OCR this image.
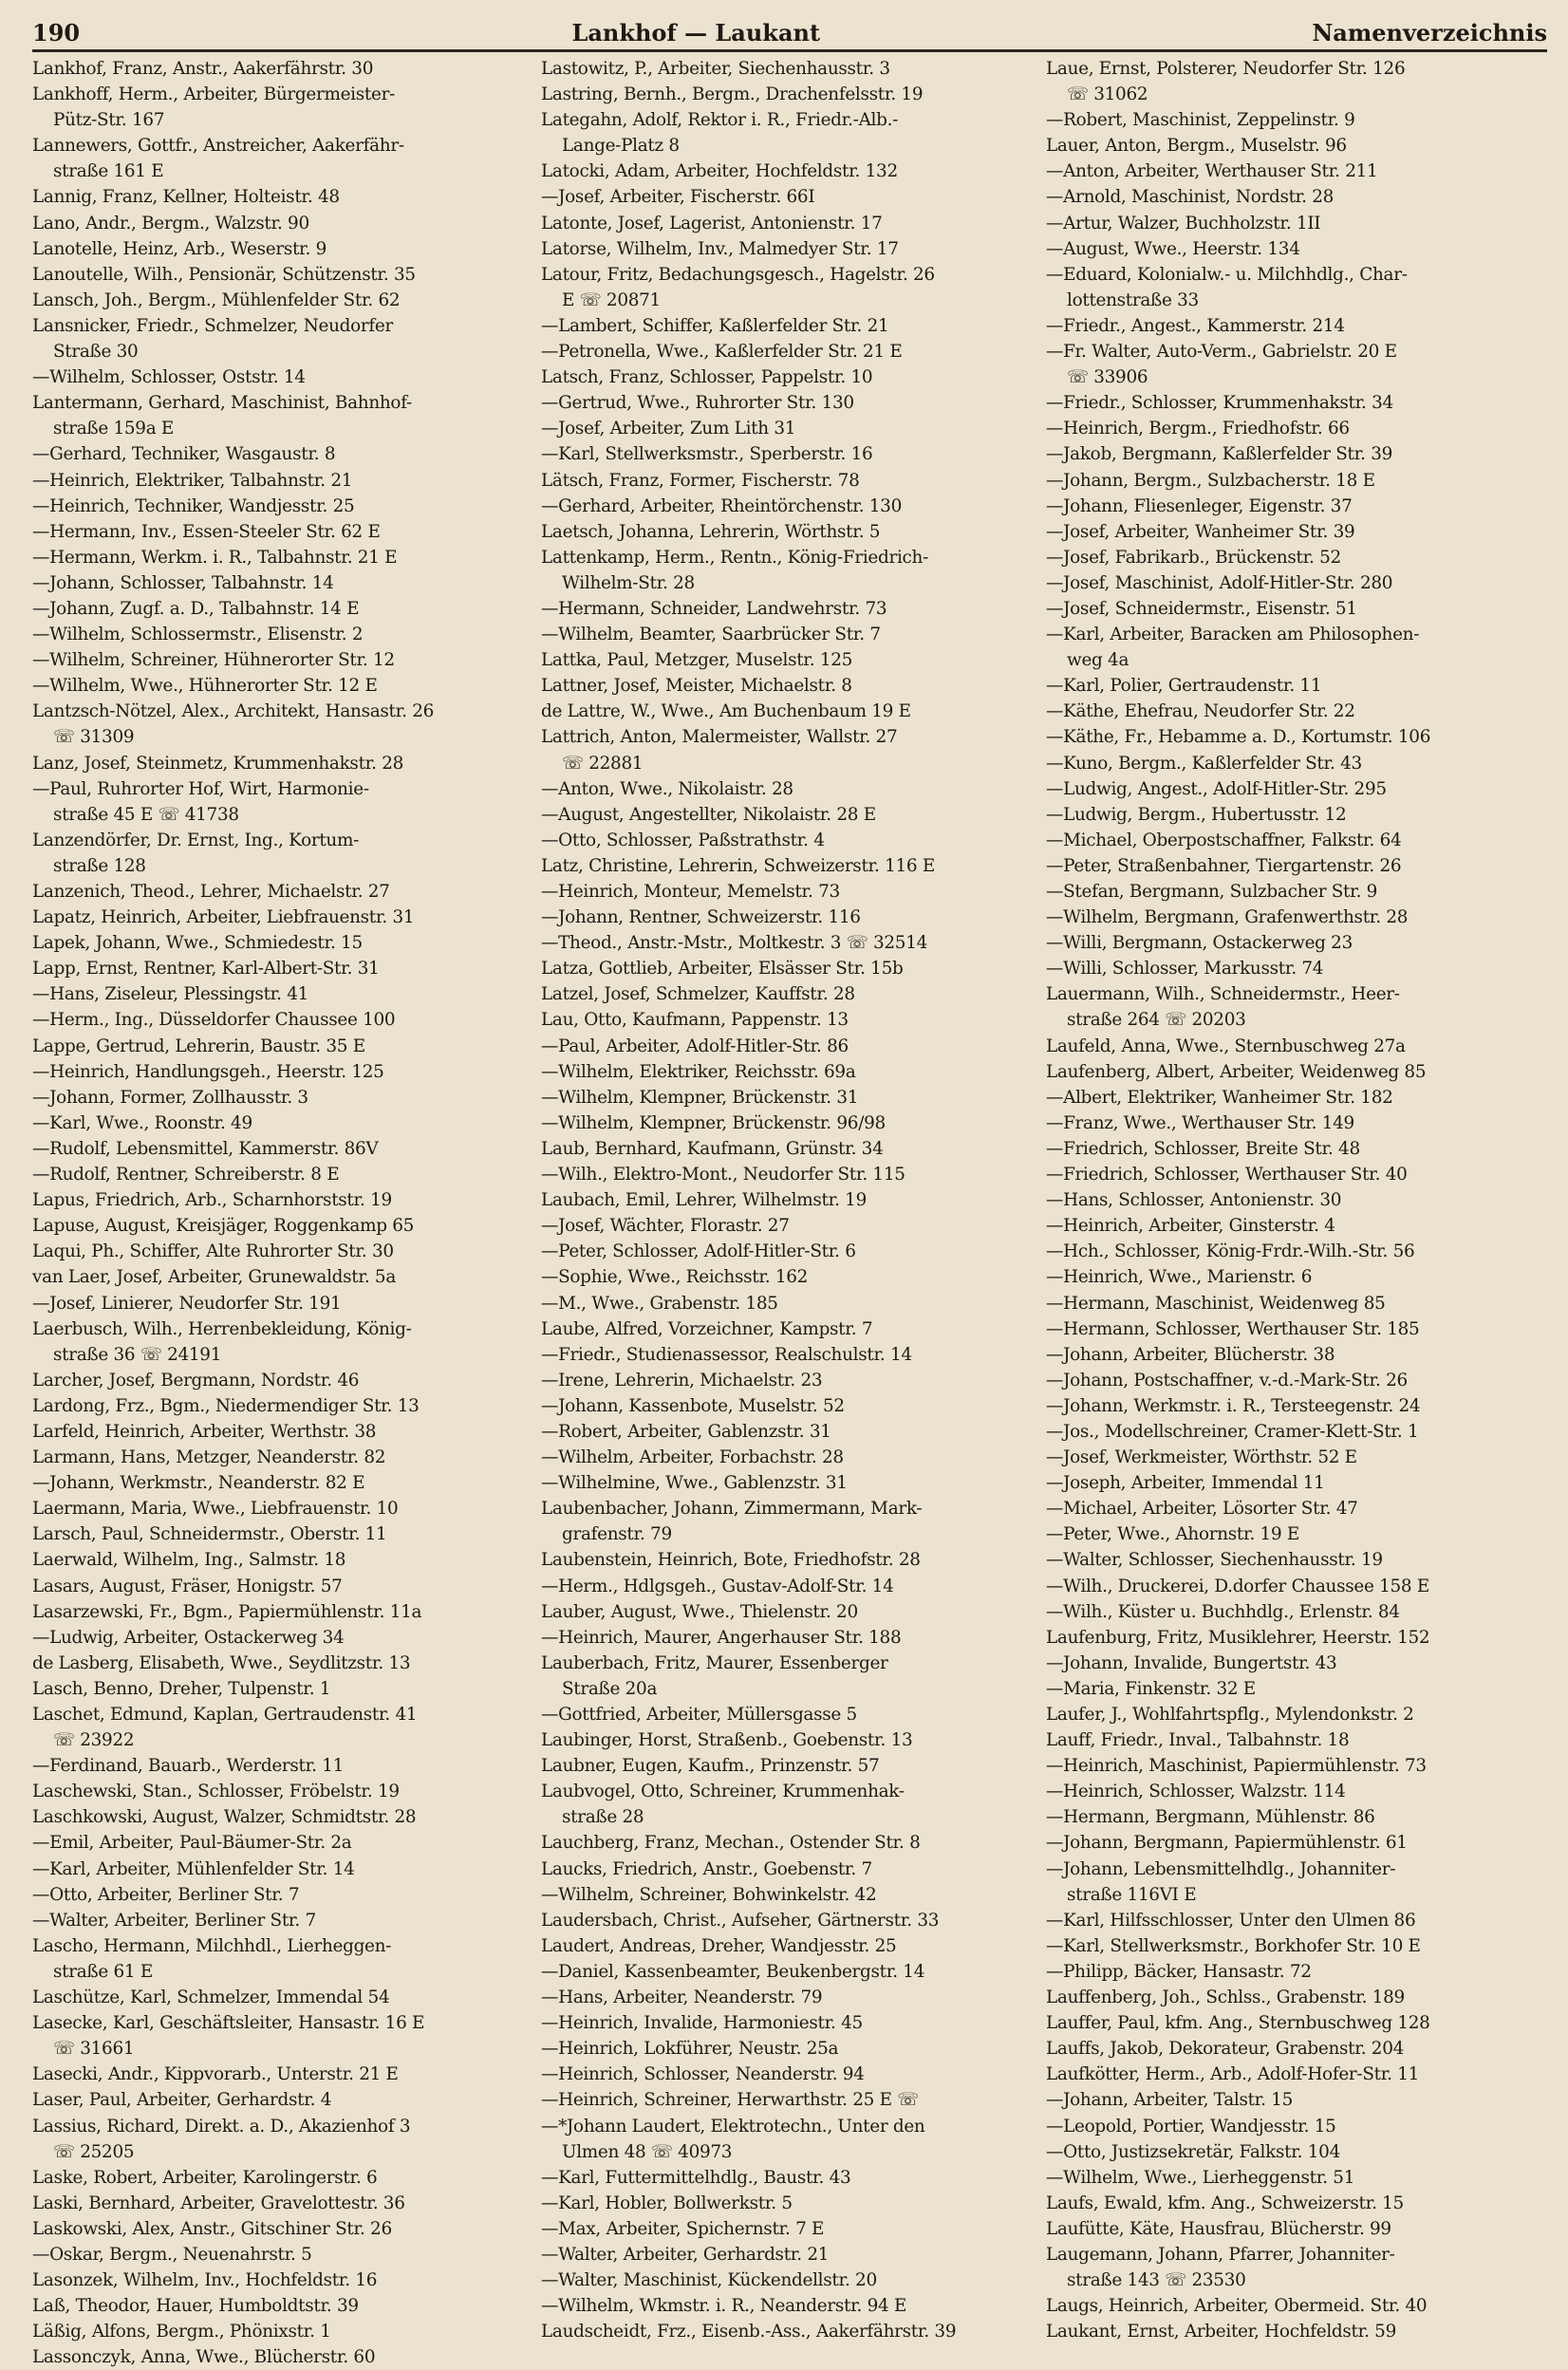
190	Lankhof — Laukant	Namenverzeichnis
Lankhof, Franz, Anstr., Aakerfährstr. 30
Lankhoff, Herm., Arbeiter, Bürgermeister-
Pütz-Str. 167
Lannewers, Gottfr., Anstreicher, Aakerfähr-
straße 161 E
Lannig, Franz, Kellner, Holteistr. 48
Lano, Andr., Bergm., Walzstr. 90
Lanotelle, Heinz, Arb., Weserstr. 9
Lanoutelle, Wilh., Pensionär, Schützenstr. 35
Lansch, Joh., Bergm., Mühlenfelder Str. 62
Lansnicker, Friedr., Schmelzer, Neudorfer
Straße 30
—Wilhelm, Schlosser, Oststr. 14
Lantermann, Gerhard, Maschinist, Bahnhof-
straße 159a E
—Gerhard, Techniker, Wasgaustr. 8
—Heinrich, Elektriker, Talbahnstr. 21
—Heinrich, Techniker, Wandjesstr. 25
—Hermann, Inv., Essen-Steeler Str. 62 E
—Hermann, Werkm. i. R., Talbahnstr. 21 E
—Johann, Schlosser, Talbahnstr. 14
—Johann, Zugf. a. D., Talbahnstr. 14 E
—Wilhelm, Schlossermstr., Elisenstr. 2
—Wilhelm, Schreiner, Hühnerorter Str. 12
—Wilhelm, Wwe., Hühnerorter Str. 12 E
Lantzsch-Nötzel, Alex., Architekt, Hansastr. 26
☏ 31309
Lanz, Josef, Steinmetz, Krummenhakstr. 28
—Paul, Ruhrorter Hof, Wirt, Harmonie-
straße 45 E ☏ 41738
Lanzendörfer, Dr. Ernst, Ing., Kortum-
straße 128
Lanzenich, Theod., Lehrer, Michaelstr. 27
Lapatz, Heinrich, Arbeiter, Liebfrauenstr. 31
Lapek, Johann, Wwe., Schmiedestr. 15
Lapp, Ernst, Rentner, Karl-Albert-Str. 31
—Hans, Ziseleur, Plessingstr. 41
—Herm., Ing., Düsseldorfer Chaussee 100
Lappe, Gertrud, Lehrerin, Baustr. 35 E
—Heinrich, Handlungsgeh., Heerstr. 125
—Johann, Former, Zollhausstr. 3
—Karl, Wwe., Roonstr. 49
—Rudolf, Lebensmittel, Kammerstr. 86V
—Rudolf, Rentner, Schreiberstr. 8 E
Lapus, Friedrich, Arb., Scharnhorststr. 19
Lapuse, August, Kreisjäger, Roggenkamp 65
Laqui, Ph., Schiffer, Alte Ruhrorter Str. 30
van Laer, Josef, Arbeiter, Grunewaldstr. 5a
—Josef, Linierer, Neudorfer Str. 191
Laerbusch, Wilh., Herrenbekleidung, König-
straße 36 ☏ 24191
Larcher, Josef, Bergmann, Nordstr. 46
Lardong, Frz., Bgm., Niedermendiger Str. 13
Larfeld, Heinrich, Arbeiter, Werthstr. 38
Larmann, Hans, Metzger, Neanderstr. 82
—Johann, Werkmstr., Neanderstr. 82 E
Laermann, Maria, Wwe., Liebfrauenstr. 10
Larsch, Paul, Schneidermstr., Oberstr. 11
Laerwald, Wilhelm, Ing., Salmstr. 18
Lasars, August, Fräser, Honigstr. 57
Lasarzewski, Fr., Bgm., Papiermühlenstr. 11a
—Ludwig, Arbeiter, Ostackerweg 34
de Lasberg, Elisabeth, Wwe., Seydlitzstr. 13
Lasch, Benno, Dreher, Tulpenstr. 1
Laschet, Edmund, Kaplan, Gertraudenstr. 41
☏ 23922
—Ferdinand, Bauarb., Werderstr. 11
Laschewski, Stan., Schlosser, Fröbelstr. 19
Laschkowski, August, Walzer, Schmidtstr. 28
—Emil, Arbeiter, Paul-Bäumer-Str. 2a
—Karl, Arbeiter, Mühlenfelder Str. 14
—Otto, Arbeiter, Berliner Str. 7
—Walter, Arbeiter, Berliner Str. 7
Lascho, Hermann, Milchhdl., Lierheggen-
straße 61 E
Laschütze, Karl, Schmelzer, Immendal 54
Lasecke, Karl, Geschäftsleiter, Hansastr. 16 E
☏ 31661
Lasecki, Andr., Kippvorarb., Unterstr. 21 E
Laser, Paul, Arbeiter, Gerhardstr. 4
Lassius, Richard, Direkt. a. D., Akazienhof 3
☏ 25205
Laske, Robert, Arbeiter, Karolingerstr. 6
Laski, Bernhard, Arbeiter, Gravelottestr. 36
Laskowski, Alex, Anstr., Gitschiner Str. 26
—Oskar, Bergm., Neuenahrstr. 5
Lasonzek, Wilhelm, Inv., Hochfeldstr. 16
Laß, Theodor, Hauer, Humboldtstr. 39
Läßig, Alfons, Bergm., Phönixstr. 1
Lassonczyk, Anna, Wwe., Blücherstr. 60
Lastowitz, P., Arbeiter, Siechenhausstr. 3
Lastring, Bernh., Bergm., Drachenfelsstr. 19
Lategahn, Adolf, Rektor i. R., Friedr.-Alb.-
Lange-Platz 8
Latocki, Adam, Arbeiter, Hochfeldstr. 132
—Josef, Arbeiter, Fischerstr. 66I
Latonte, Josef, Lagerist, Antonienstr. 17
Latorse, Wilhelm, Inv., Malmedyer Str. 17
Latour, Fritz, Bedachungsgesch., Hagelstr. 26
E ☏ 20871
—Lambert, Schiffer, Kaßlerfelder Str. 21
—Petronella, Wwe., Kaßlerfelder Str. 21 E
Latsch, Franz, Schlosser, Pappelstr. 10
—Gertrud, Wwe., Ruhrorter Str. 130
—Josef, Arbeiter, Zum Lith 31
—Karl, Stellwerksmstr., Sperberstr. 16
Lätsch, Franz, Former, Fischerstr. 78
—Gerhard, Arbeiter, Rheintörchenstr. 130
Laetsch, Johanna, Lehrerin, Wörthstr. 5
Lattenkamp, Herm., Rentn., König-Friedrich-
Wilhelm-Str. 28
—Hermann, Schneider, Landwehrstr. 73
—Wilhelm, Beamter, Saarbrücker Str. 7
Lattka, Paul, Metzger, Muselstr. 125
Lattner, Josef, Meister, Michaelstr. 8
de Lattre, W., Wwe., Am Buchenbaum 19 E
Lattrich, Anton, Malermeister, Wallstr. 27
☏ 22881
—Anton, Wwe., Nikolaistr. 28
—August, Angestellter, Nikolaistr. 28 E
—Otto, Schlosser, Paßstrathstr. 4
Latz, Christine, Lehrerin, Schweizerstr. 116 E
—Heinrich, Monteur, Memelstr. 73
—Johann, Rentner, Schweizerstr. 116
—Theod., Anstr.-Mstr., Moltkestr. 3 ☏ 32514
Latza, Gottlieb, Arbeiter, Elsässer Str. 15b
Latzel, Josef, Schmelzer, Kauffstr. 28
Lau, Otto, Kaufmann, Pappenstr. 13
—Paul, Arbeiter, Adolf-Hitler-Str. 86
—Wilhelm, Elektriker, Reichsstr. 69a
—Wilhelm, Klempner, Brückenstr. 31
—Wilhelm, Klempner, Brückenstr. 96/98
Laub, Bernhard, Kaufmann, Grünstr. 34
—Wilh., Elektro-Mont., Neudorfer Str. 115
Laubach, Emil, Lehrer, Wilhelmstr. 19
—Josef, Wächter, Florastr. 27
—Peter, Schlosser, Adolf-Hitler-Str. 6
—Sophie, Wwe., Reichsstr. 162
—M., Wwe., Grabenstr. 185
Laube, Alfred, Vorzeichner, Kampstr. 7
—Friedr., Studienassessor, Realschulstr. 14
—Irene, Lehrerin, Michaelstr. 23
—Johann, Kassenbote, Muselstr. 52
—Robert, Arbeiter, Gablenzstr. 31
—Wilhelm, Arbeiter, Forbachstr. 28
—Wilhelmine, Wwe., Gablenzstr. 31
Laubenbacher, Johann, Zimmermann, Mark-
grafenstr. 79
Laubenstein, Heinrich, Bote, Friedhofstr. 28
—Herm., Hdlgsgeh., Gustav-Adolf-Str. 14
Lauber, August, Wwe., Thielenstr. 20
—Heinrich, Maurer, Angerhauser Str. 188
Lauberbach, Fritz, Maurer, Essenberger
Straße 20a
—Gottfried, Arbeiter, Müllersgasse 5
Laubinger, Horst, Straßenb., Goebenstr. 13
Laubner, Eugen, Kaufm., Prinzenstr. 57
Laubvogel, Otto, Schreiner, Krummenhak-
straße 28
Lauchberg, Franz, Mechan., Ostender Str. 8
Laucks, Friedrich, Anstr., Goebenstr. 7
—Wilhelm, Schreiner, Bohwinkelstr. 42
Laudersbach, Christ., Aufseher, Gärtnerstr. 33
Laudert, Andreas, Dreher, Wandjesstr. 25
—Daniel, Kassenbeamter, Beukenbergstr. 14
—Hans, Arbeiter, Neanderstr. 79
—Heinrich, Invalide, Harmoniestr. 45
—Heinrich, Lokführer, Neustr. 25a
—Heinrich, Schlosser, Neanderstr. 94
—Heinrich, Schreiner, Herwarthstr. 25 E ☏
—*Johann Laudert, Elektrotechn., Unter den
Ulmen 48 ☏ 40973
—Karl, Futtermittelhdlg., Baustr. 43
—Karl, Hobler, Bollwerkstr. 5
—Max, Arbeiter, Spichernstr. 7 E
—Walter, Arbeiter, Gerhardstr. 21
—Walter, Maschinist, Kückendellstr. 20
—Wilhelm, Wkmstr. i. R., Neanderstr. 94 E
Laudscheidt, Frz., Eisenb.-Ass., Aakerfährstr. 39
Laue, Ernst, Polsterer, Neudorfer Str. 126
☏ 31062
—Robert, Maschinist, Zeppelinstr. 9
Lauer, Anton, Bergm., Muselstr. 96
—Anton, Arbeiter, Werthauser Str. 211
—Arnold, Maschinist, Nordstr. 28
—Artur, Walzer, Buchholzstr. 1II
—August, Wwe., Heerstr. 134
—Eduard, Kolonialw.- u. Milchhdlg., Char-
lottenstraße 33
—Friedr., Angest., Kammerstr. 214
—Fr. Walter, Auto-Verm., Gabrielstr. 20 E
☏ 33906
—Friedr., Schlosser, Krummenhakstr. 34
—Heinrich, Bergm., Friedhofstr. 66
—Jakob, Bergmann, Kaßlerfelder Str. 39
—Johann, Bergm., Sulzbacherstr. 18 E
—Johann, Fliesenleger, Eigenstr. 37
—Josef, Arbeiter, Wanheimer Str. 39
—Josef, Fabrikarb., Brückenstr. 52
—Josef, Maschinist, Adolf-Hitler-Str. 280
—Josef, Schneidermstr., Eisenstr. 51
—Karl, Arbeiter, Baracken am Philosophen-
weg 4a
—Karl, Polier, Gertraudenstr. 11
—Käthe, Ehefrau, Neudorfer Str. 22
—Käthe, Fr., Hebamme a. D., Kortumstr. 106
—Kuno, Bergm., Kaßlerfelder Str. 43
—Ludwig, Angest., Adolf-Hitler-Str. 295
—Ludwig, Bergm., Hubertusstr. 12
—Michael, Oberpostschaffner, Falkstr. 64
—Peter, Straßenbahner, Tiergartenstr. 26
—Stefan, Bergmann, Sulzbacher Str. 9
—Wilhelm, Bergmann, Grafenwerthstr. 28
—Willi, Bergmann, Ostackerweg 23
—Willi, Schlosser, Markusstr. 74
Lauermann, Wilh., Schneidermstr., Heer-
straße 264 ☏ 20203
Laufeld, Anna, Wwe., Sternbuschweg 27a
Laufenberg, Albert, Arbeiter, Weidenweg 85
—Albert, Elektriker, Wanheimer Str. 182
—Franz, Wwe., Werthauser Str. 149
—Friedrich, Schlosser, Breite Str. 48
—Friedrich, Schlosser, Werthauser Str. 40
—Hans, Schlosser, Antonienstr. 30
—Heinrich, Arbeiter, Ginsterstr. 4
—Hch., Schlosser, König-Frdr.-Wilh.-Str. 56
—Heinrich, Wwe., Marienstr. 6
—Hermann, Maschinist, Weidenweg 85
—Hermann, Schlosser, Werthauser Str. 185
—Johann, Arbeiter, Blücherstr. 38
—Johann, Postschaffner, v.-d.-Mark-Str. 26
—Johann, Werkmstr. i. R., Tersteegenstr. 24
—Jos., Modellschreiner, Cramer-Klett-Str. 1
—Josef, Werkmeister, Wörthstr. 52 E
—Joseph, Arbeiter, Immendal 11
—Michael, Arbeiter, Lösorter Str. 47
—Peter, Wwe., Ahornstr. 19 E
—Walter, Schlosser, Siechenhausstr. 19
—Wilh., Druckerei, D.dorfer Chaussee 158 E
—Wilh., Küster u. Buchhdlg., Erlenstr. 84
Laufenburg, Fritz, Musiklehrer, Heerstr. 152
—Johann, Invalide, Bungertstr. 43
—Maria, Finkenstr. 32 E
Laufer, J., Wohlfahrtspflg., Mylendonkstr. 2
Lauff, Friedr., Inval., Talbahnstr. 18
—Heinrich, Maschinist, Papiermühlenstr. 73
—Heinrich, Schlosser, Walzstr. 114
—Hermann, Bergmann, Mühlenstr. 86
—Johann, Bergmann, Papiermühlenstr. 61
—Johann, Lebensmittelhdlg., Johanniter-
straße 116VI E
—Karl, Hilfsschlosser, Unter den Ulmen 86
—Karl, Stellwerksmstr., Borkhofer Str. 10 E
—Philipp, Bäcker, Hansastr. 72
Lauffenberg, Joh., Schlss., Grabenstr. 189
Lauffer, Paul, kfm. Ang., Sternbuschweg 128
Lauffs, Jakob, Dekorateur, Grabenstr. 204
Laufkötter, Herm., Arb., Adolf-Hofer-Str. 11
—Johann, Arbeiter, Talstr. 15
—Leopold, Portier, Wandjesstr. 15
—Otto, Justizsekretär, Falkstr. 104
—Wilhelm, Wwe., Lierheggenstr. 51
Laufs, Ewald, kfm. Ang., Schweizerstr. 15
Laufütte, Käte, Hausfrau, Blücherstr. 99
Laugemann, Johann, Pfarrer, Johanniter-
straße 143 ☏ 23530
Laugs, Heinrich, Arbeiter, Obermeid. Str. 40
Laukant, Ernst, Arbeiter, Hochfeldstr. 59
